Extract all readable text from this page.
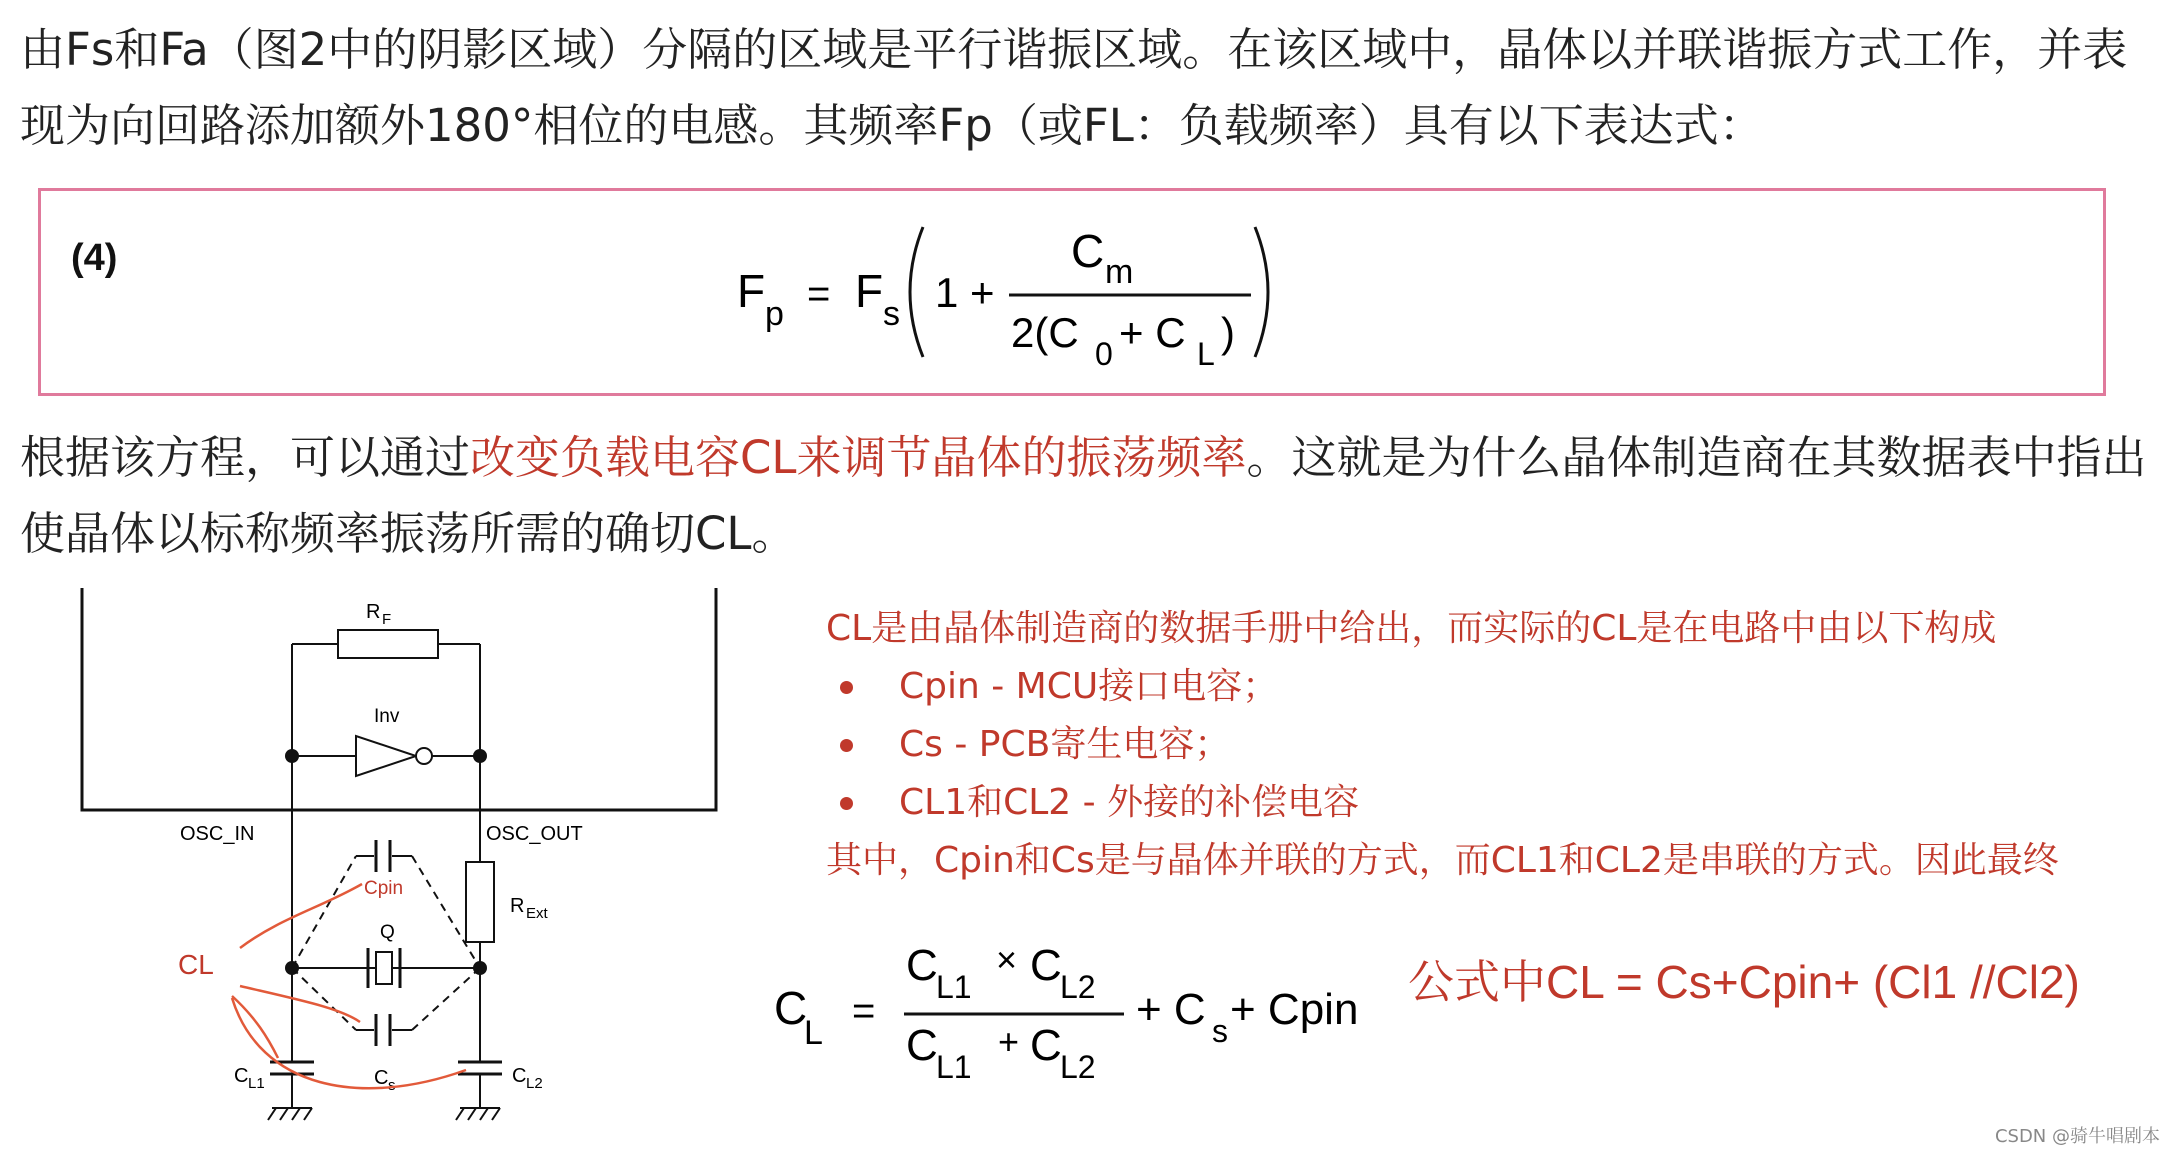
由Fs和Fa（图2中的阴影区域）分隔的区域是平行谐振区域。在该区域中，晶体以并联谐振方式工作，并表现为向回路添加额外180°相位的电感。其频率Fp（或FL：负载频率）具有以下表达式：
(4)
F p = F s 1 +
C m
2(C 0 + C L )
根据该方程，可以通过改变负载电容CL来调节晶体的振荡频率。这就是为什么晶体制造商在其数据表中指出使晶体以标称频率振荡所需的确切CL。
R F
Inv
OSC_IN	OSC_OUT
R Ext
Q
Cpin
C s
C L1	C L2
CL
CL是由晶体制造商的数据手册中给出，而实际的CL是在电路中由以下构成
Cpin - MCU接口电容；
Cs - PCB寄生电容；
CL1和CL2 - 外接的补偿电容
其中，Cpin和Cs是与晶体并联的方式，而CL1和CL2是串联的方式。因此最终
C
L =
C
L1
× C
L2
C
L1
+ C
L2
+ C s + Cpin
公式中CL = Cs+Cpin+ (Cl1 //Cl2)
CSDN @骑牛唱剧本
